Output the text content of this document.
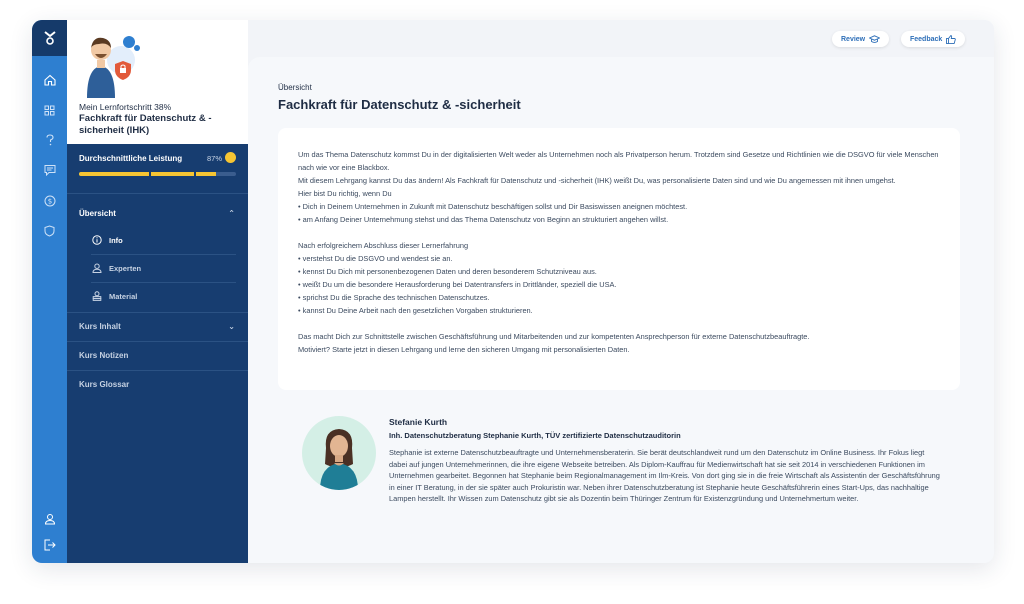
$
Mein Lernfortschritt 38%
Fachkraft für Datenschutz & -sicherheit (IHK)
Durchschnittliche Leistung	87%
Übersicht	⌃
Info
Experten
Material
Kurs Inhalt	⌄
Kurs Notizen
Kurs Glossar
Review	Feedback
Übersicht
Fachkraft für Datenschutz & -sicherheit

Um das Thema Datenschutz kommst Du in der digitalisierten Welt weder als Unternehmen noch als Privatperson herum. Trotzdem sind Gesetze und Richtlinien wie die DSGVO für viele Menschen nach wie vor eine Blackbox.

Mit diesem Lehrgang kannst Du das ändern! Als Fachkraft für Datenschutz und -sicherheit (IHK) weißt Du, was personalisierte Daten sind und wie Du angemessen mit ihnen umgehst.

Hier bist Du richtig, wenn Du

• Dich in Deinem Unternehmen in Zukunft mit Datenschutz beschäftigen sollst und Dir Basiswissen aneignen möchtest.

• am Anfang Deiner Unternehmung stehst und das Thema Datenschutz von Beginn an strukturiert angehen willst.

Nach erfolgreichem Abschluss dieser Lernerfahrung

• verstehst Du die DSGVO und wendest sie an.

• kennst Du Dich mit personenbezogenen Daten und deren besonderem Schutzniveau aus.

• weißt Du um die besondere Herausforderung bei Datentransfers in Drittländer, speziell die USA.

• sprichst Du die Sprache des technischen Datenschutzes.

• kannst Du Deine Arbeit nach den gesetzlichen Vorgaben strukturieren.

Das macht Dich zur Schnittstelle zwischen Geschäftsführung und Mitarbeitenden und zur kompetenten Ansprechperson für externe Datenschutzbeauftragte.

Motiviert? Starte jetzt in diesen Lehrgang und lerne den sicheren Umgang mit personalisierten Daten.

Stefanie Kurth
Inh. Datenschutzberatung Stephanie Kurth, TÜV zertifizierte Datenschutzauditorin
Stephanie ist externe Datenschutzbeauftragte und Unternehmensberaterin. Sie berät deutschlandweit rund um den Datenschutz im Online Business. Ihr Fokus liegt dabei auf jungen Unternehmerinnen, die ihre eigene Webseite betreiben. Als Diplom-Kauffrau für Medienwirtschaft hat sie seit 2014 in verschiedenen Funktionen im Unternehmen gearbeitet. Begonnen hat Stephanie beim Regionalmanagement im Ilm-Kreis. Von dort ging sie in die freie Wirtschaft als Assistentin der Geschäftsführung in einer IT Beratung, in der sie später auch Prokuristin war. Neben ihrer Datenschutzberatung ist Stephanie heute Geschäftsführerin eines Start-Ups, das nachhaltige Lampen herstellt. Ihr Wissen zum Datenschutz gibt sie als Dozentin beim Thüringer Zentrum für Existenzgründung und Unternehmertum weiter.
